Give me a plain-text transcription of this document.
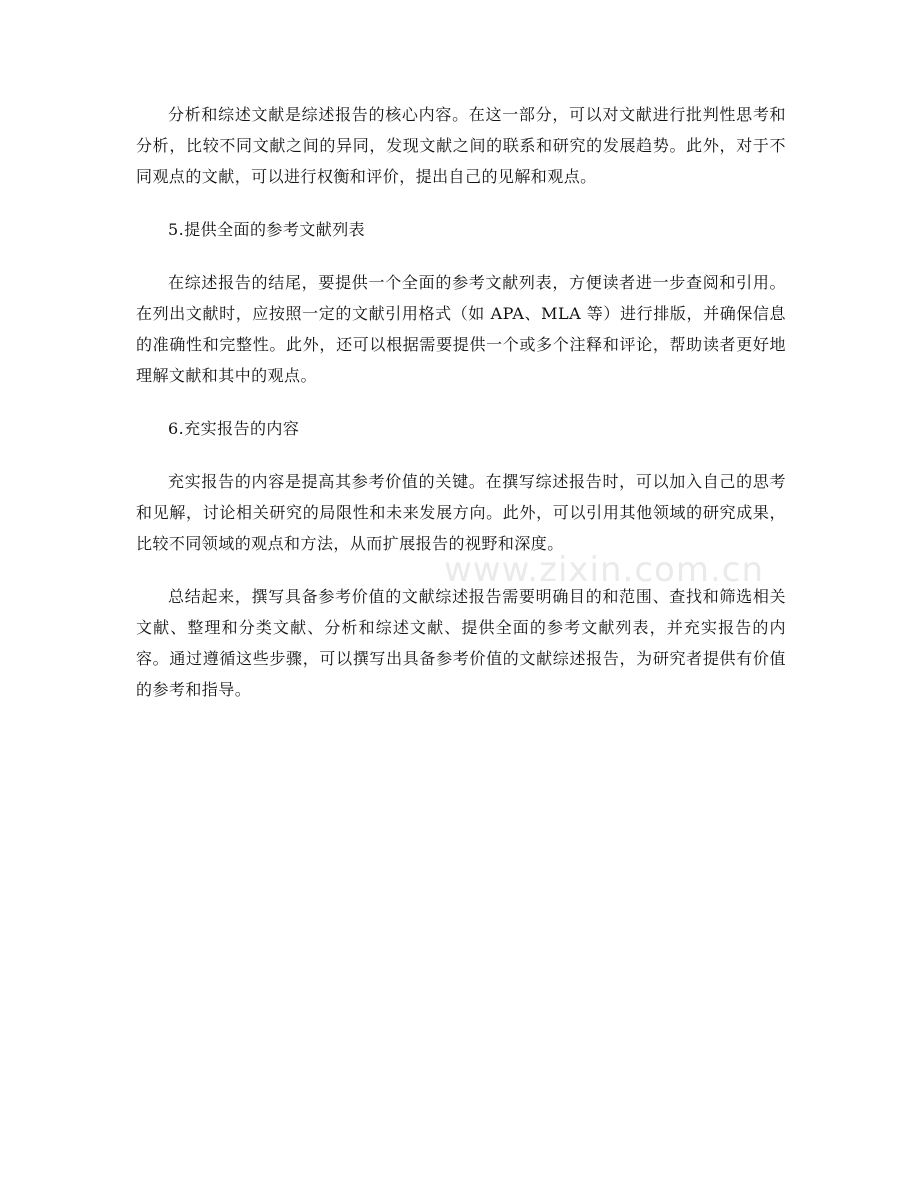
分析和综述文献是综述报告的核心内容。在这一部分，可以对文献进行批判性思考和分析，比较不同文献之间的异同，发现文献之间的联系和研究的发展趋势。此外，对于不同观点的文献，可以进行权衡和评价，提出自己的见解和观点。

5.提供全面的参考文献列表

在综述报告的结尾，要提供一个全面的参考文献列表，方便读者进一步查阅和引用。在列出文献时，应按照一定的文献引用格式（如 APA、MLA 等）进行排版，并确保信息的准确性和完整性。此外，还可以根据需要提供一个或多个注释和评论，帮助读者更好地理解文献和其中的观点。

6.充实报告的内容

充实报告的内容是提高其参考价值的关键。在撰写综述报告时，可以加入自己的思考和见解，讨论相关研究的局限性和未来发展方向。此外，可以引用其他领域的研究成果，比较不同领域的观点和方法，从而扩展报告的视野和深度。

总结起来，撰写具备参考价值的文献综述报告需要明确目的和范围、查找和筛选相关文献、整理和分类文献、分析和综述文献、提供全面的参考文献列表，并充实报告的内容。通过遵循这些步骤，可以撰写出具备参考价值的文献综述报告，为研究者提供有价值的参考和指导。

www.zixin.com.cn
